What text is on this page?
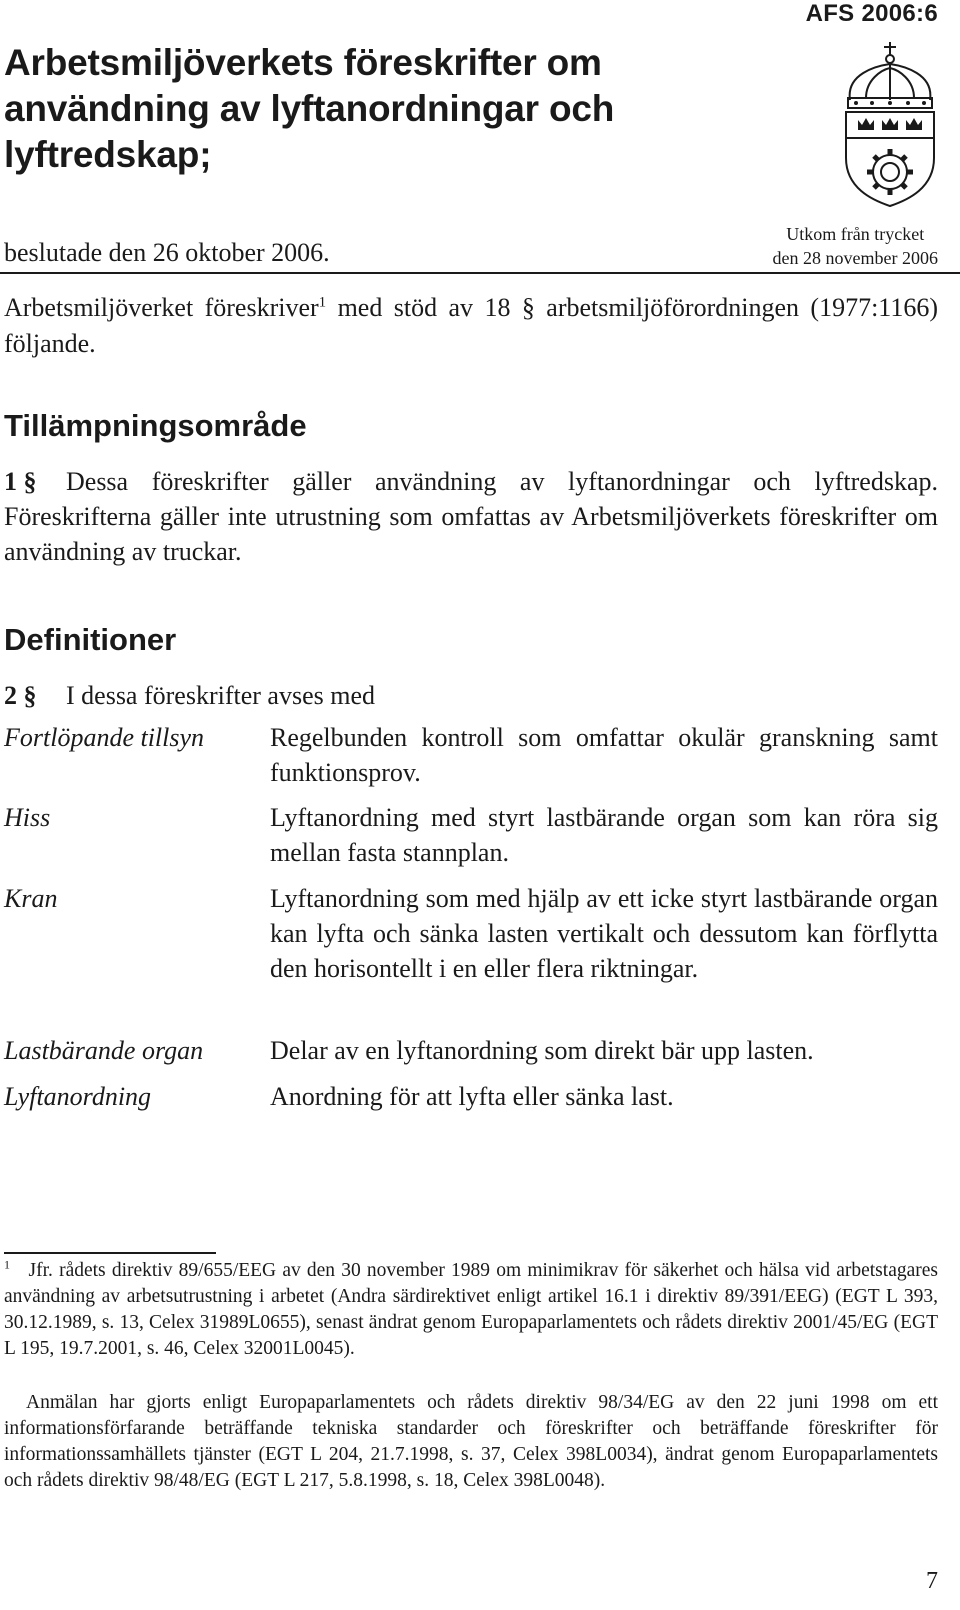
AFS 2006:6
Arbetsmiljöverkets föreskrifter om användning av lyftanordningar och lyftredskap;
beslutade den 26 oktober 2006.
Utkom från trycket
den 28 november 2006
Arbetsmiljöverket föreskriver$^1$ med stöd av 18 § arbetsmiljöförordningen (1977:1166) följande.
Tillämpningsområde
1 § Dessa föreskrifter gäller användning av lyftanordningar och lyftredskap. Föreskrifterna gäller inte utrustning som omfattas av Arbetsmiljöverkets föreskrifter om användning av truckar.
Definitioner
2 § I dessa föreskrifter avses med
Fortlöpande tillsyn	Regelbunden kontroll som omfattar okulär granskning samt funktionsprov.
Hiss	Lyftanordning med styrt lastbärande organ som kan röra sig mellan fasta stannplan.
Kran	Lyftanordning som med hjälp av ett icke styrt lastbärande organ kan lyfta och sänka lasten vertikalt och dessutom kan förflytta den horisontellt i en eller flera riktningar.
Lastbärande organ	Delar av en lyftanordning som direkt bär upp lasten.
Lyftanordning	Anordning för att lyfta eller sänka last.
$^1$ Jfr. rådets direktiv 89/655/EEG av den 30 november 1989 om minimikrav för säkerhet och hälsa vid arbetstagares användning av arbetsutrustning i arbetet (Andra särdirektivet enligt artikel 16.1 i direktiv 89/391/EEG) (EGT L 393, 30.12.1989, s. 13, Celex 31989L0655), senast ändrat genom Europaparlamentets och rådets direktiv 2001/45/EG (EGT L 195, 19.7.2001, s. 46, Celex 32001L0045).
Anmälan har gjorts enligt Europaparlamentets och rådets direktiv 98/34/EG av den 22 juni 1998 om ett informationsförfarande beträffande tekniska standarder och föreskrifter och beträffande föreskrifter för informationssamhällets tjänster (EGT L 204, 21.7.1998, s. 37, Celex 398L0034), ändrat genom Europaparlamentets och rådets direktiv 98/48/EG (EGT L 217, 5.8.1998, s. 18, Celex 398L0048).
7
